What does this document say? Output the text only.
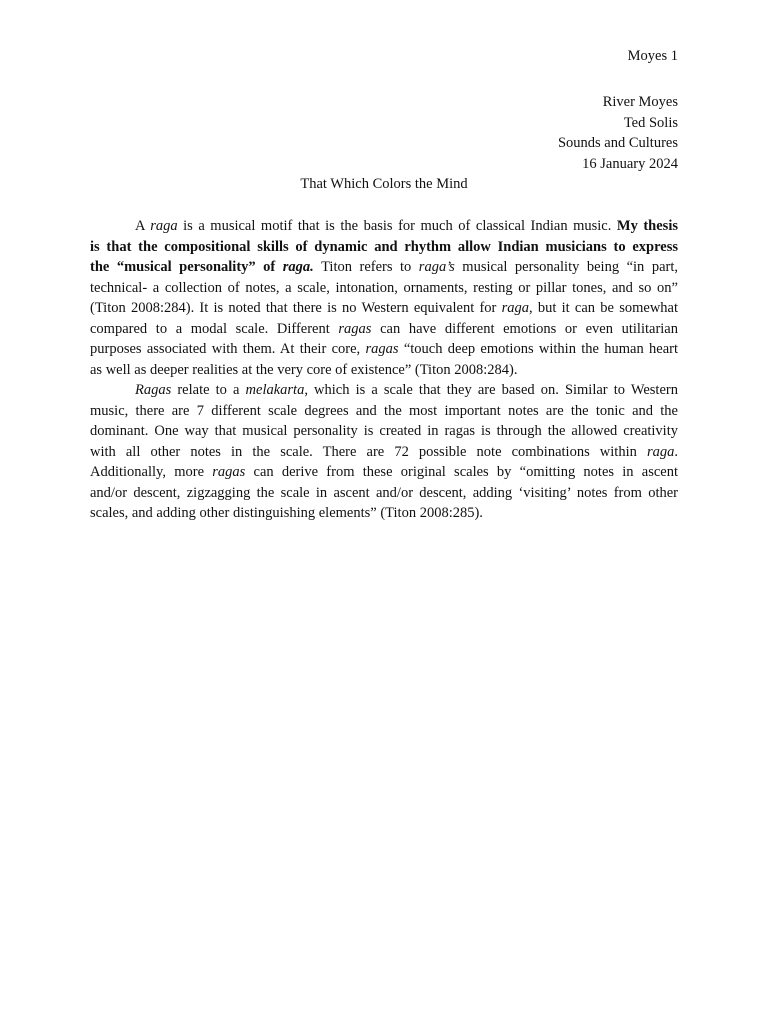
Moyes 1
River Moyes
Ted Solis
Sounds and Cultures
16 January 2024
That Which Colors the Mind
A raga is a musical motif that is the basis for much of classical Indian music. My thesis
is that the compositional skills of dynamic and rhythm allow Indian musicians to express
the “musical personality” of raga. Titon refers to raga’s musical personality being “in part,
technical- a collection of notes, a scale, intonation, ornaments, resting or pillar tones, and so on”
(Titon 2008:284). It is noted that there is no Western equivalent for raga, but it can be somewhat
compared to a modal scale. Different ragas can have different emotions or even utilitarian
purposes associated with them. At their core, ragas “touch deep emotions within the human heart
as well as deeper realities at the very core of existence” (Titon 2008:284).
Ragas relate to a melakarta, which is a scale that they are based on. Similar to Western
music, there are 7 different scale degrees and the most important notes are the tonic and the
dominant. One way that musical personality is created in ragas is through the allowed creativity
with all other notes in the scale. There are 72 possible note combinations within raga.
Additionally, more ragas can derive from these original scales by “omitting notes in ascent
and/or descent, zigzagging the scale in ascent and/or descent, adding ‘visiting’ notes from other
scales, and adding other distinguishing elements” (Titon 2008:285).
